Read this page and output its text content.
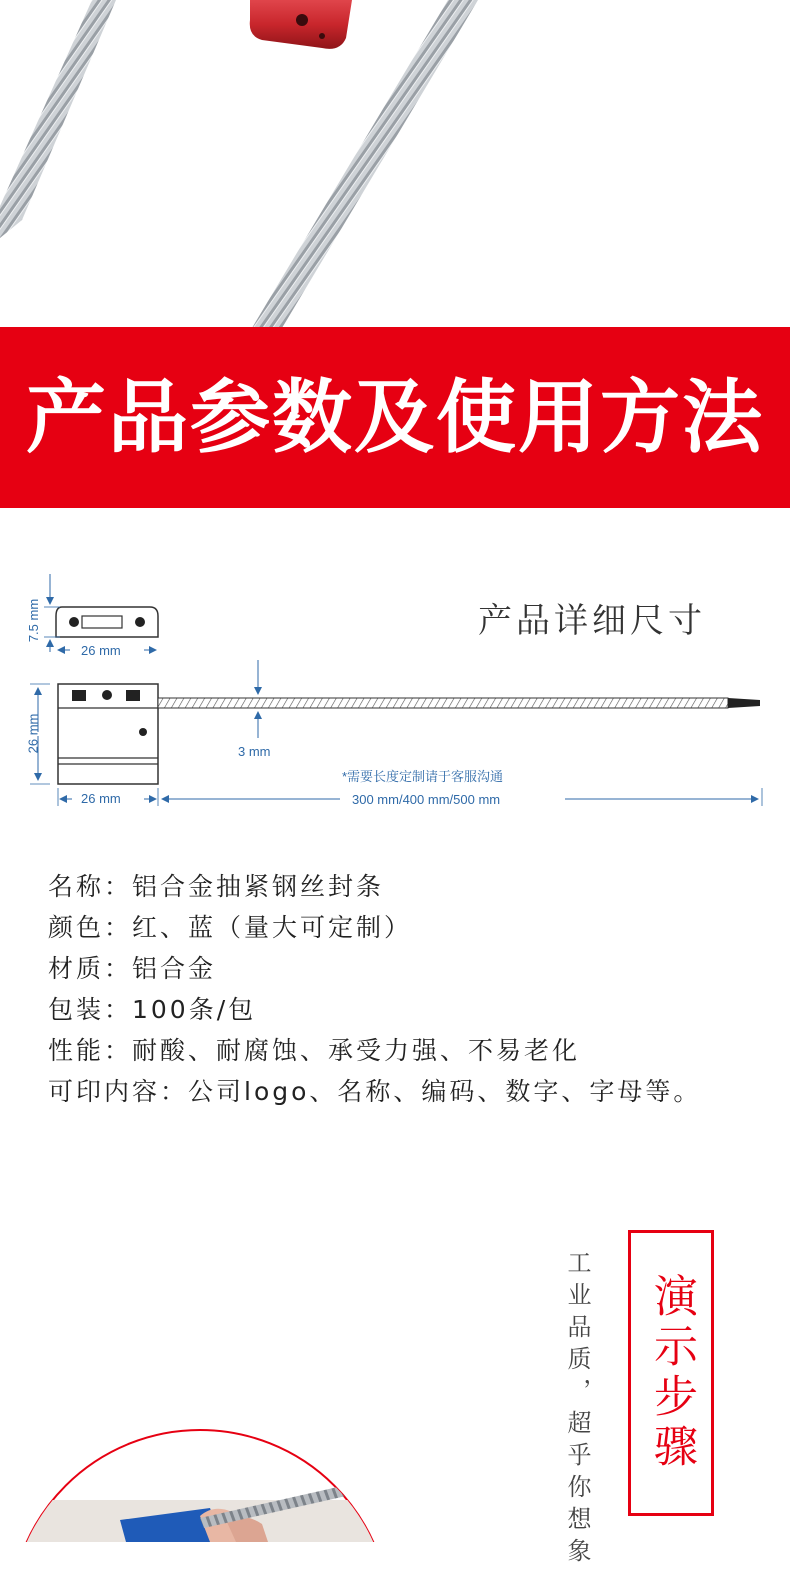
产品参数及使用方法
7.5 mm
26 mm
26 mm
26 mm
3 mm
*需要长度定制请于客服沟通
300 mm/400 mm/500 mm
产品详细尺寸
名称：铝合金抽紧钢丝封条
颜色：红、蓝（量大可定制）
材质：铝合金
包装：100条/包
性能：耐酸、耐腐蚀、承受力强、不易老化
可印内容：公司logo、名称、编码、数字、字母等。
工业品质，超乎你想象 演示步骤
